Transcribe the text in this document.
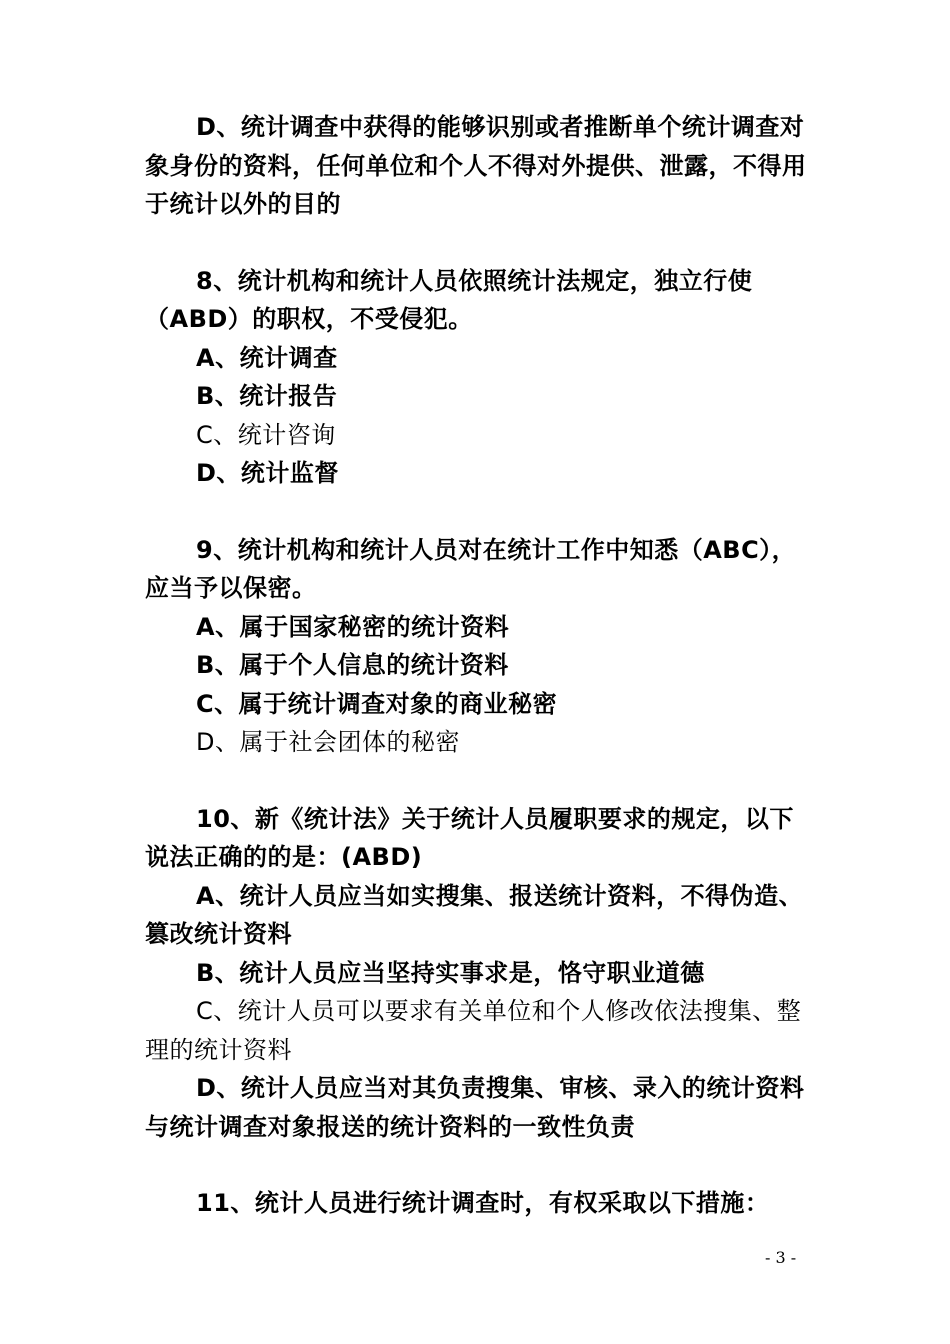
D、统计调查中获得的能够识别或者推断单个统计调查对象身份的资料，任何单位和个人不得对外提供、泄露，不得用于统计以外的目的

8、统计机构和统计人员依照统计法规定，独立行使（ABD）的职权，不受侵犯。

A、统计调查

B、统计报告

C、统计咨询

D、统计监督

9、统计机构和统计人员对在统计工作中知悉（ABC），应当予以保密。

A、属于国家秘密的统计资料

B、属于个人信息的统计资料

C、属于统计调查对象的商业秘密

D、属于社会团体的秘密

10、新《统计法》关于统计人员履职要求的规定，以下说法正确的的是：(ABD)

A、统计人员应当如实搜集、报送统计资料，不得伪造、篡改统计资料

B、统计人员应当坚持实事求是，恪守职业道德

C、统计人员可以要求有关单位和个人修改依法搜集、整理的统计资料

D、统计人员应当对其负责搜集、审核、录入的统计资料与统计调查对象报送的统计资料的一致性负责

11、统计人员进行统计调查时，有权采取以下措施：

- 3 -
